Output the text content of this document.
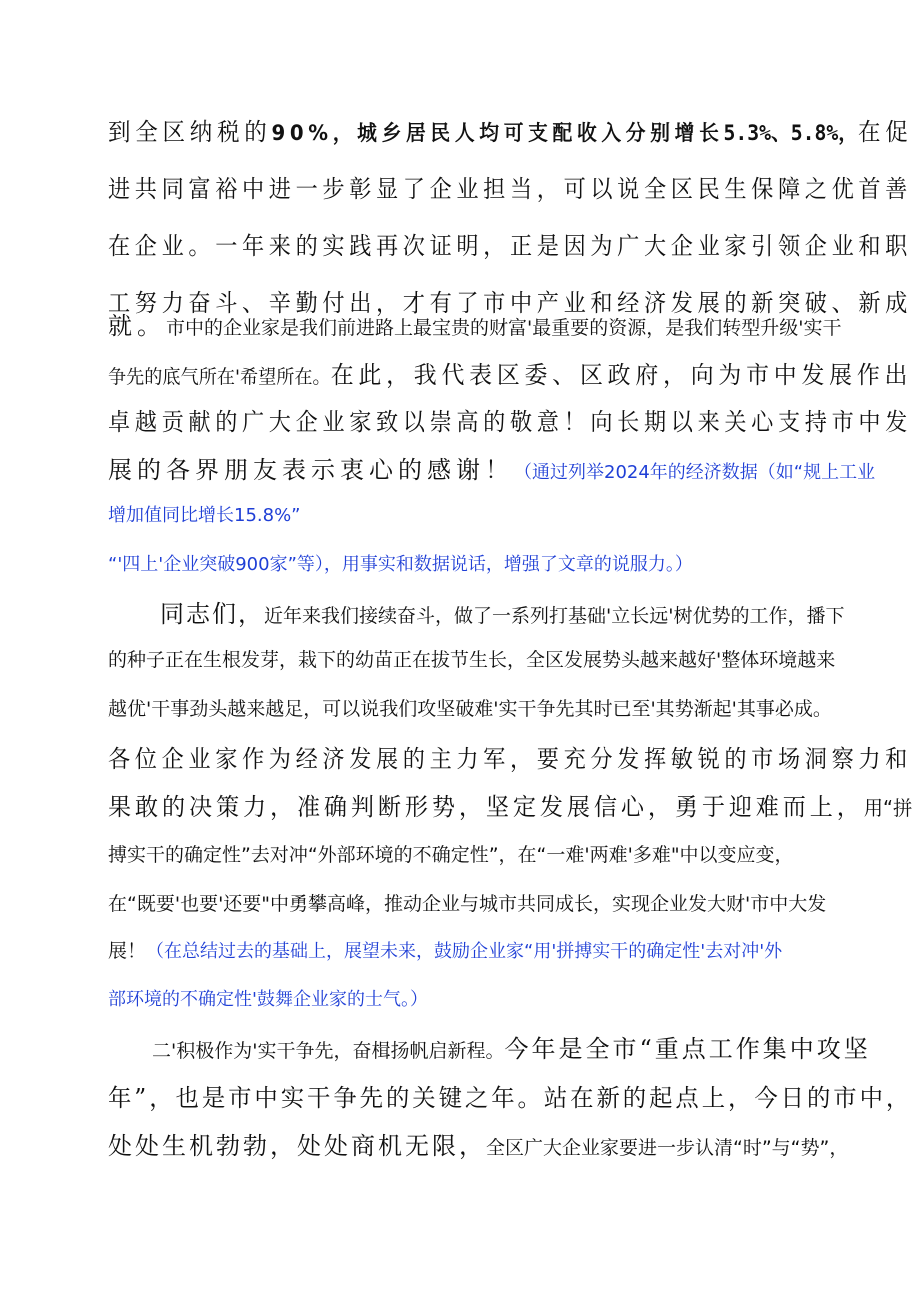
到全区纳税的90%，城乡居民人均可支配收入分别增长5.3%、5.8%，在促
进共同富裕中进一步彰显了企业担当，可以说全区民生保障之优首善
在企业。一年来的实践再次证明，正是因为广大企业家引领企业和职
工努力奋斗、辛勤付出，才有了市中产业和经济发展的新突破、新成
就。市中的企业家是我们前进路上最宝贵的财富'最重要的资源，是我们转型升级'实干
争先的底气所在'希望所在。在此，我代表区委、区政府，向为市中发展作出
卓越贡献的广大企业家致以崇高的敬意！向长期以来关心支持市中发
展的各界朋友表示衷心的感谢！（通过列举2024年的经济数据（如“规上工业
增加值同比增长15.8%”
“'四上'企业突破900家”等），用事实和数据说话，增强了文章的说服力。）
同志们，近年来我们接续奋斗，做了一系列打基础'立长远'树优势的工作，播下
的种子正在生根发芽，栽下的幼苗正在拔节生长，全区发展势头越来越好'整体环境越来
越优'干事劲头越来越足，可以说我们攻坚破难'实干争先其时已至'其势渐起'其事必成。
各位企业家作为经济发展的主力军，要充分发挥敏锐的市场洞察力和
果敢的决策力，准确判断形势，坚定发展信心，勇于迎难而上，用“拼
搏实干的确定性”去对冲“外部环境的不确定性”，在“一难'两难'多难"中以变应变，
在“既要'也要'还要"中勇攀高峰，推动企业与城市共同成长，实现企业发大财'市中大发
展！（在总结过去的基础上，展望未来，鼓励企业家“用'拼搏实干的确定性'去对冲'外
部环境的不确定性'鼓舞企业家的士气。）
二'积极作为'实干争先，奋楫扬帆启新程。今年是全市“重点工作集中攻坚
年”，也是市中实干争先的关键之年。站在新的起点上，今日的市中，
处处生机勃勃，处处商机无限，全区广大企业家要进一步认清“时”与“势”，
